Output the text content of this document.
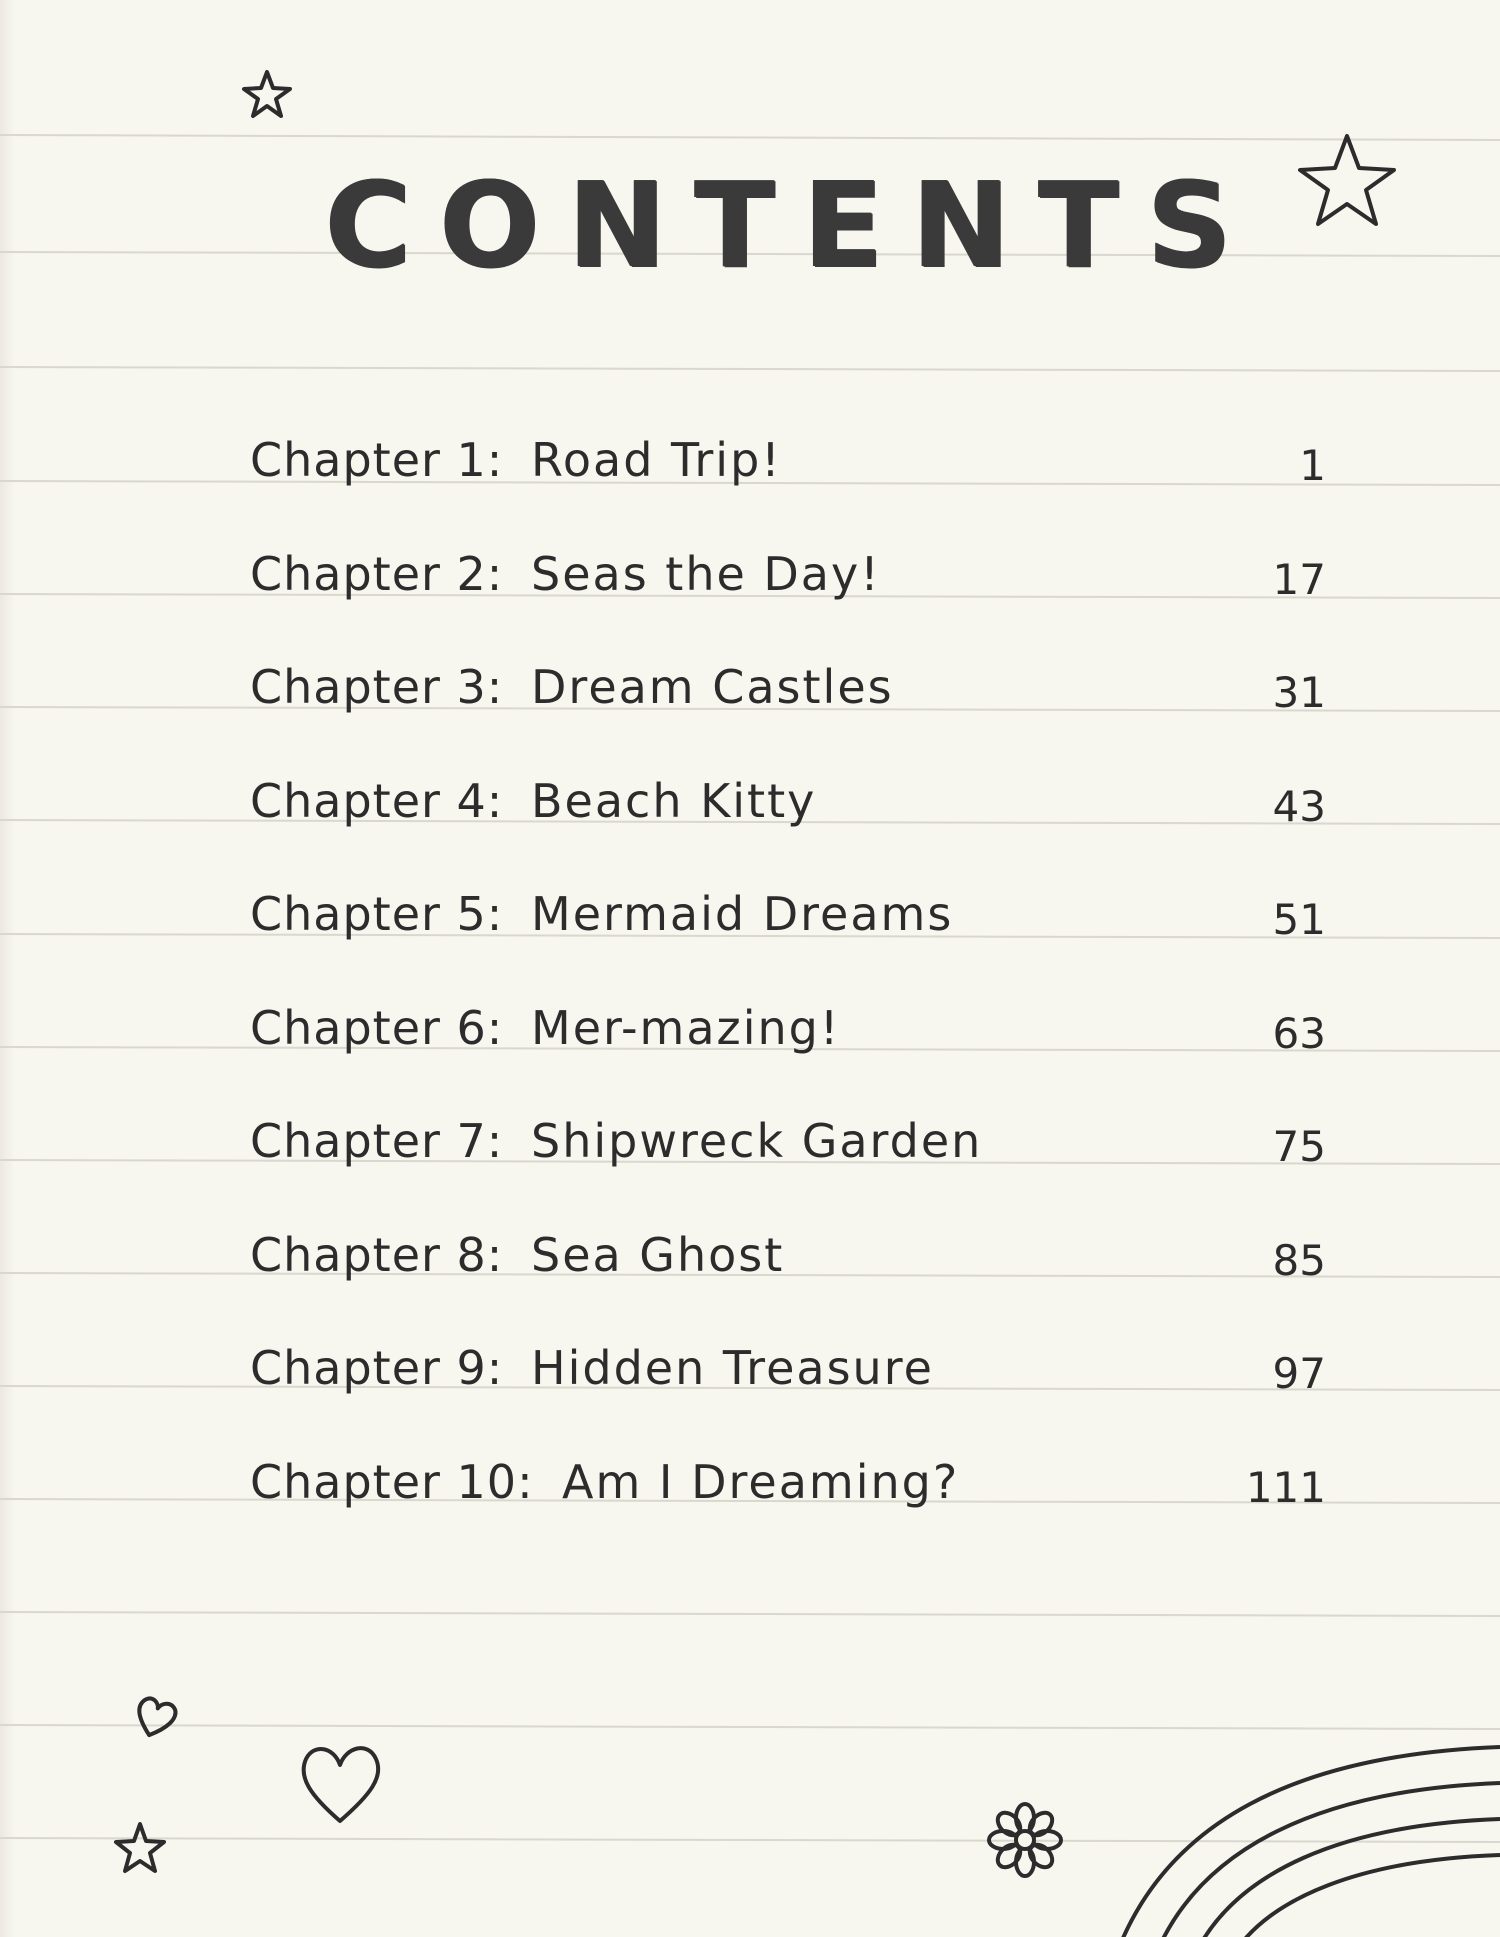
CONTENTS
Chapter 1: Road Trip!	1
Chapter 2: Seas the Day!	17
Chapter 3: Dream Castles	31
Chapter 4: Beach Kitty	43
Chapter 5: Mermaid Dreams	51
Chapter 6: Mer-mazing!	63
Chapter 7: Shipwreck Garden	75
Chapter 8: Sea Ghost	85
Chapter 9: Hidden Treasure	97
Chapter 10: Am I Dreaming?	111
